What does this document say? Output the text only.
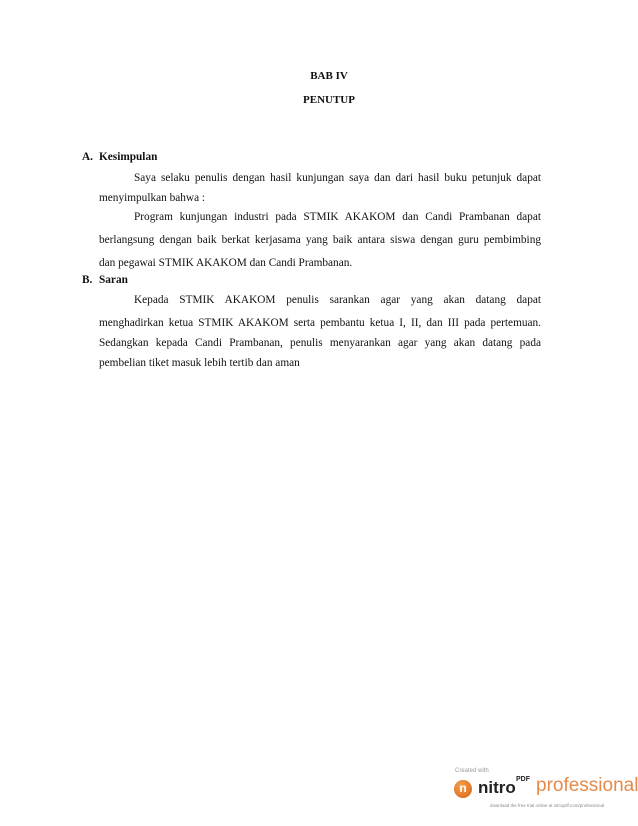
BAB IV
PENUTUP
A. Kesimpulan
Saya selaku penulis dengan hasil kunjungan saya dan dari hasil buku petunjuk dapat
menyimpulkan bahwa :
Program kunjungan industri pada STMIK AKAKOM dan Candi Prambanan dapat
berlangsung dengan baik berkat kerjasama yang baik antara siswa dengan guru pembimbing
dan pegawai STMIK AKAKOM dan Candi Prambanan.
B. Saran
Kepada STMIK AKAKOM penulis sarankan agar yang akan datang dapat
menghadirkan ketua STMIK AKAKOM serta pembantu ketua I, II, dan III pada pertemuan.
Sedangkan kepada Candi Prambanan, penulis menyarankan agar yang akan datang pada
pembelian tiket masuk lebih tertib dan aman
Created with
n nitro PDF professional
download the free trial online at nitropdf.com/professional
